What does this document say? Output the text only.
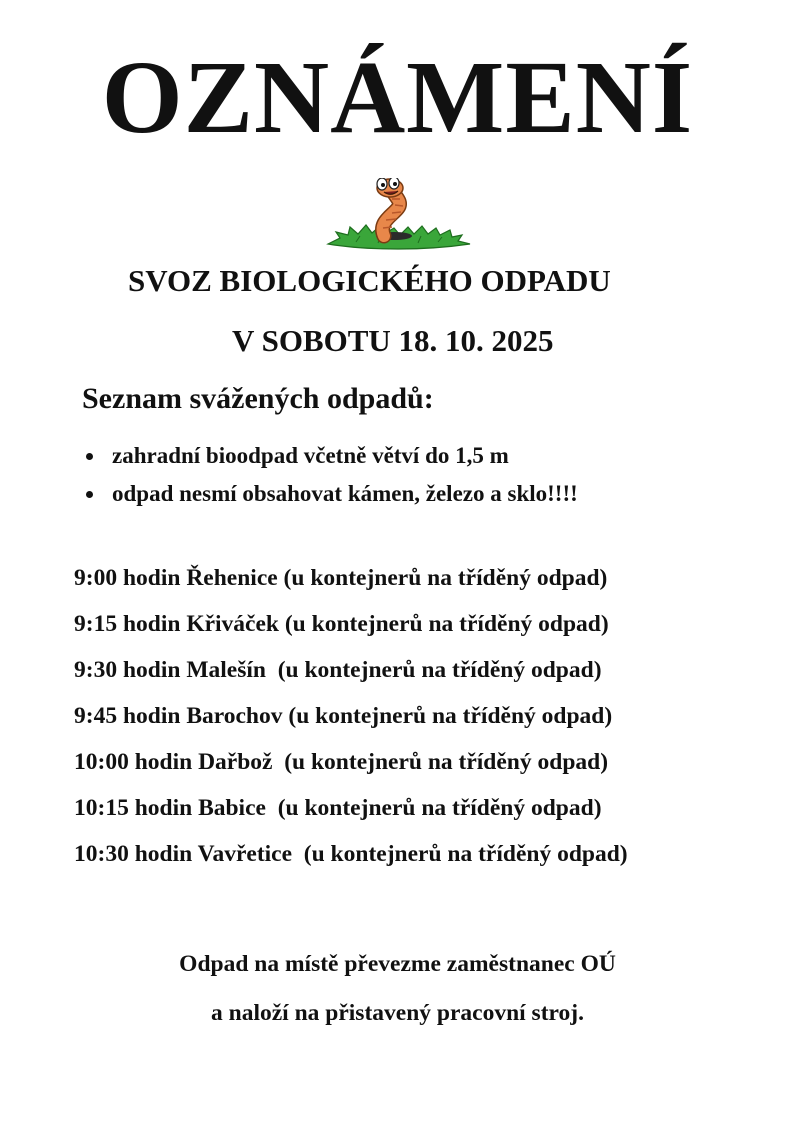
OZNÁMENÍ
SVOZ BIOLOGICKÉHO ODPADU
V SOBOTU 18. 10. 2025
Seznam svážených odpadů:
zahradní bioodpad včetně větví do 1,5 m
odpad nesmí obsahovat kámen, železo a sklo!!!!
9:00 hodin Řehenice (u kontejnerů na tříděný odpad)
9:15 hodin Křiváček (u kontejnerů na tříděný odpad)
9:30 hodin Malešín  (u kontejnerů na tříděný odpad)
9:45 hodin Barochov (u kontejnerů na tříděný odpad)
10:00 hodin Dařbož  (u kontejnerů na tříděný odpad)
10:15 hodin Babice  (u kontejnerů na tříděný odpad)
10:30 hodin Vavřetice  (u kontejnerů na tříděný odpad)
Odpad na místě převezme zaměstnanec OÚ
a naloží na přistavený pracovní stroj.
